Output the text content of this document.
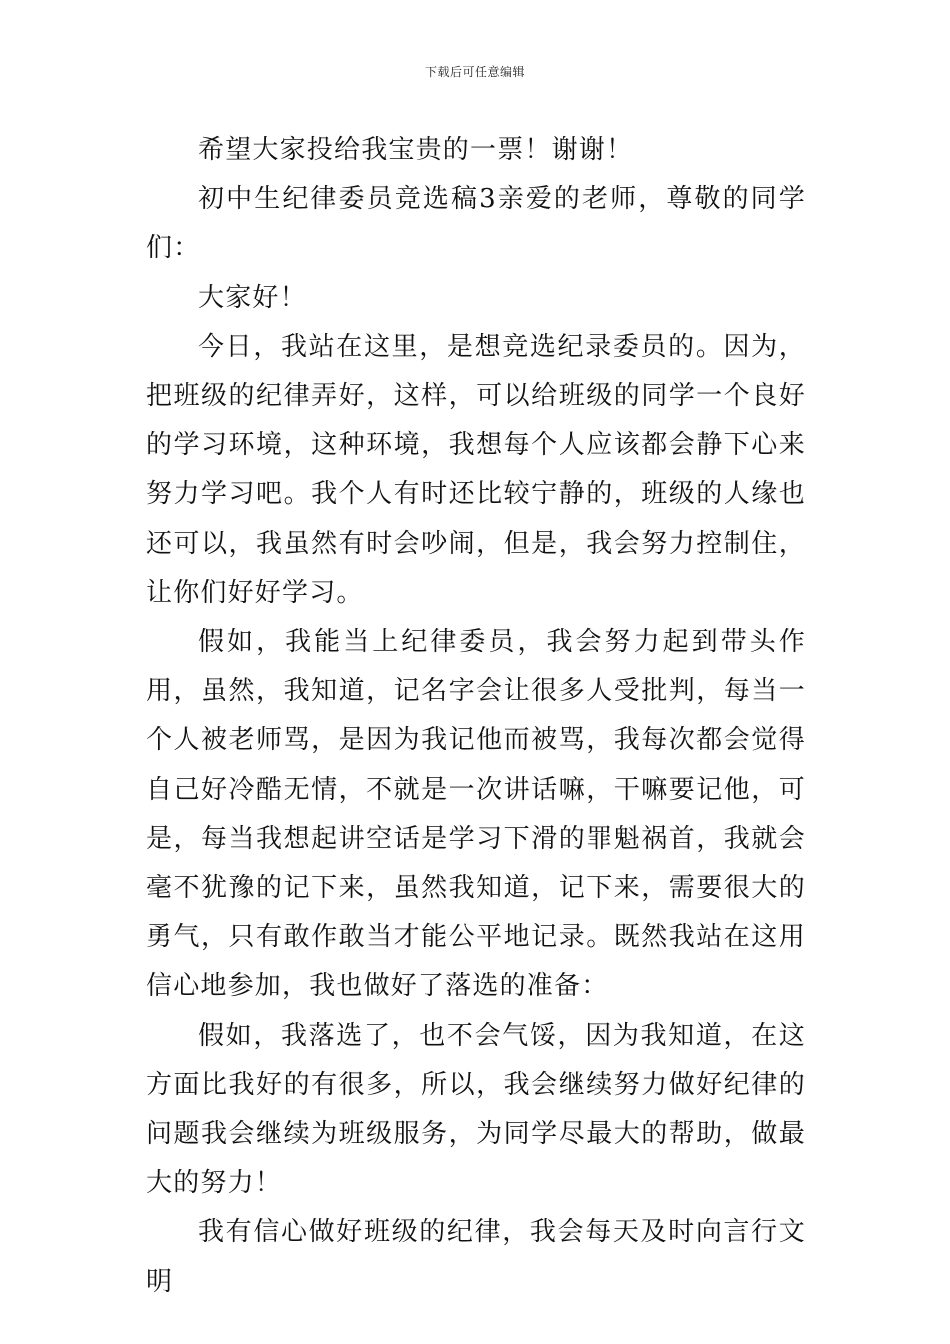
下载后可任意编辑

希望大家投给我宝贵的一票！谢谢！

初中生纪律委员竞选稿3亲爱的老师，尊敬的同学们：

大家好！

今日，我站在这里，是想竞选纪录委员的。因为，把班级的纪律弄好，这样，可以给班级的同学一个良好的学习环境，这种环境，我想每个人应该都会静下心来努力学习吧。我个人有时还比较宁静的，班级的人缘也还可以，我虽然有时会吵闹，但是，我会努力控制住，让你们好好学习。

假如，我能当上纪律委员，我会努力起到带头作用，虽然，我知道，记名字会让很多人受批判，每当一个人被老师骂，是因为我记他而被骂，我每次都会觉得自己好冷酷无情，不就是一次讲话嘛，干嘛要记他，可是，每当我想起讲空话是学习下滑的罪魁祸首，我就会毫不犹豫的记下来，虽然我知道，记下来，需要很大的勇气，只有敢作敢当才能公平地记录。既然我站在这用信心地参加，我也做好了落选的准备：

假如，我落选了，也不会气馁，因为我知道，在这方面比我好的有很多，所以，我会继续努力做好纪律的问题我会继续为班级服务，为同学尽最大的帮助，做最大的努力！

我有信心做好班级的纪律，我会每天及时向言行文明
